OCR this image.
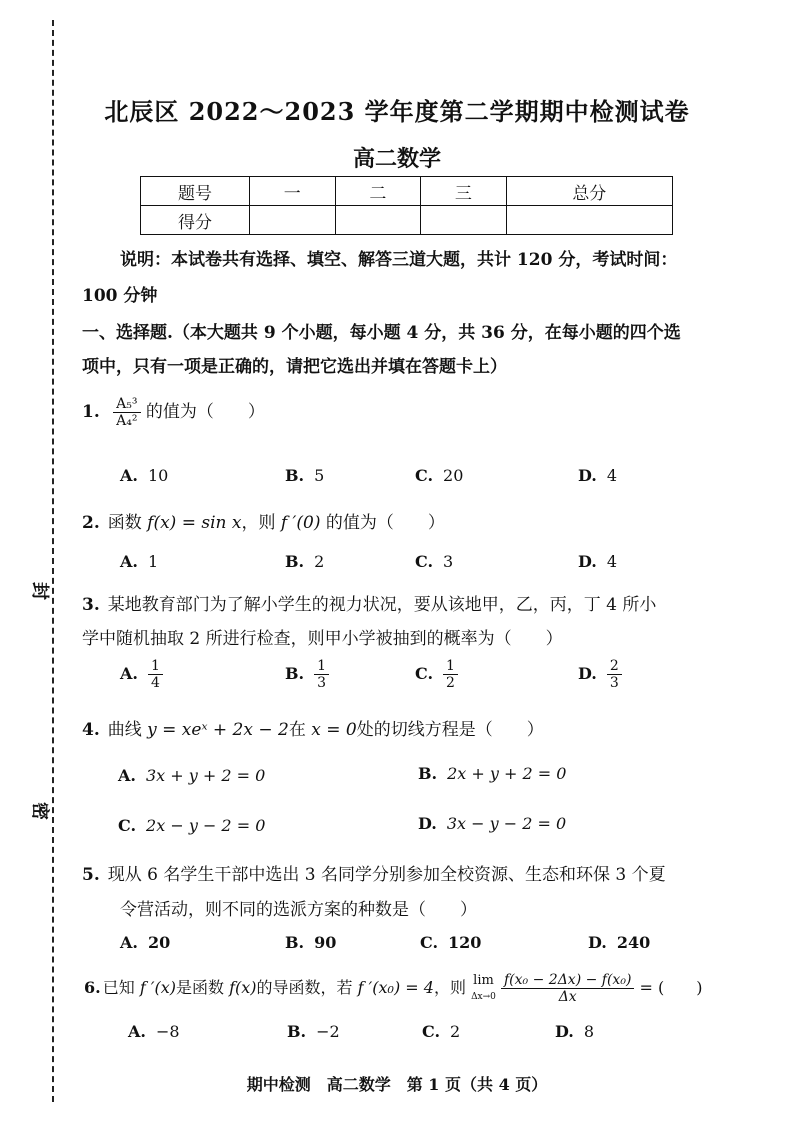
封
密
北辰区 2022～2023 学年度第二学期期中检测试卷
高二数学
题号	一	二	三	总分
得分				
说明：本试卷共有选择、填空、解答三道大题，共计 120 分，考试时间：
100 分钟
一、选择题.（本大题共 9 个小题，每小题 4 分，共 36 分，在每小题的四个选
项中，只有一项是正确的，请把它选出并填在答题卡上）
1. $\frac{\text{A₅³}}{\text{A₄²}}$ 的值为（　　）
A. 10	B. 5	C. 20	D. 4
2. 函数 f(x) = sin x，则 f ′(0) 的值为（　　）
A. 1	B. 2	C. 3	D. 4
3. 某地教育部门为了解小学生的视力状况，要从该地甲，乙，丙，丁 4 所小
学中随机抽取 2 所进行检查，则甲小学被抽到的概率为（　　）
A. $\frac{1}{4}$	B. $\frac{1}{3}$	C. $\frac{1}{2}$	D. $\frac{2}{3}$
4. 曲线 y = xeˣ + 2x − 2在 x = 0处的切线方程是（　　）
A. 3x + y + 2 = 0	B. 2x + y + 2 = 0
C. 2x − y − 2 = 0	D. 3x − y − 2 = 0
5. 现从 6 名学生干部中选出 3 名同学分别参加全校资源、生态和环保 3 个夏
令营活动，则不同的选派方案的种数是（　　）
A. 20	B. 90	C. 120	D. 240
6. 已知 f ′(x)是函数 f(x)的导函数，若 f ′(x₀) = 4，则 lim
Δx→0
$\frac{\text{f(x₀ − 2Δx) − f(x₀)}}{\Delta x}$ = (　　)
A. −8	B. −2	C. 2	D. 8
期中检测　高二数学　第 1 页（共 4 页）
